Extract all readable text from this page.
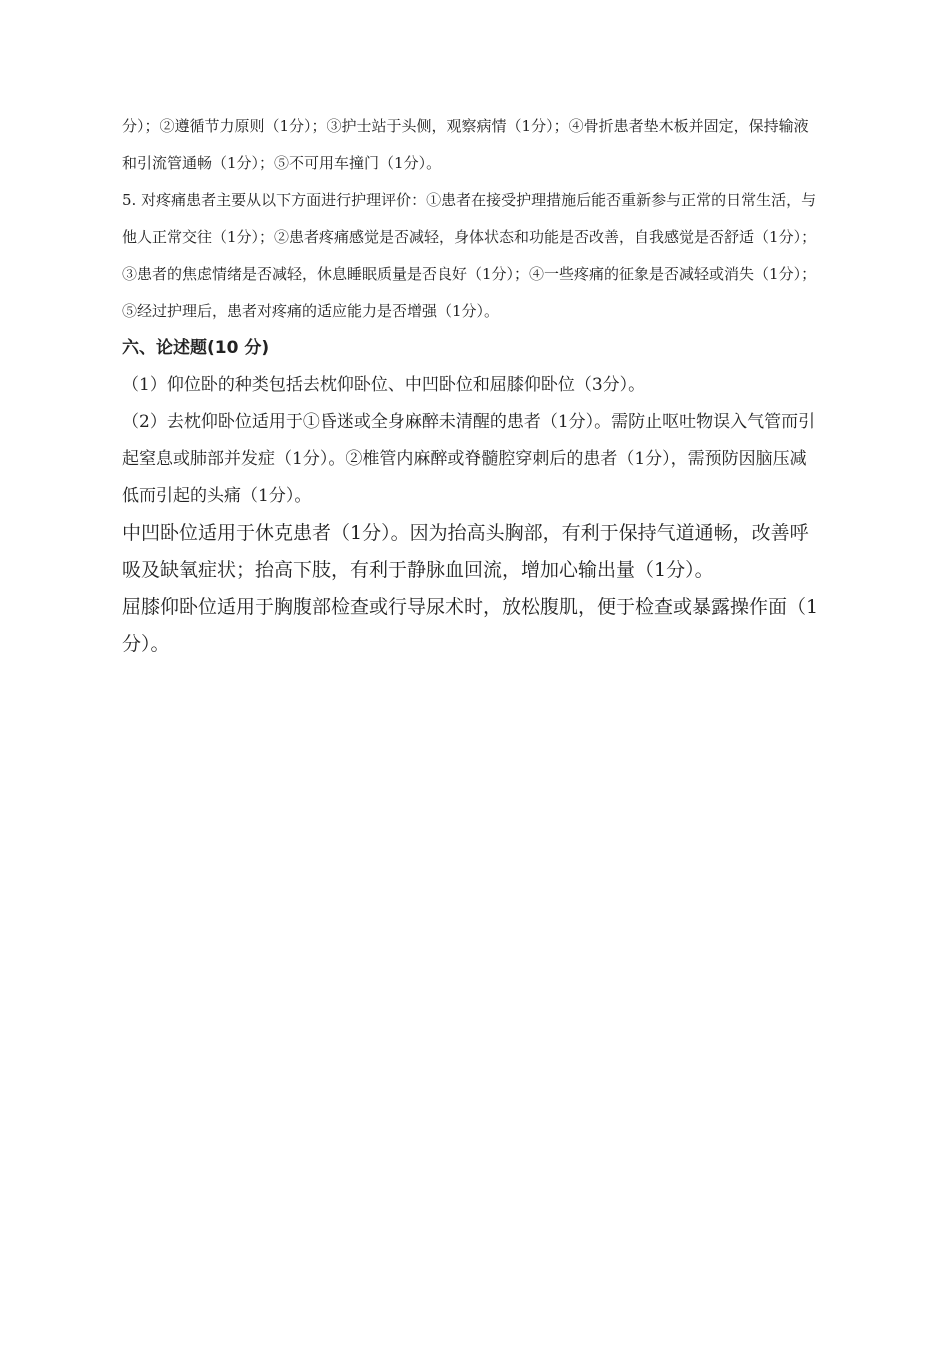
分）；②遵循节力原则（1分）；③护士站于头侧，观察病情（1分）；④骨折患者垫木板并固定，保持输液和引流管通畅（1分）；⑤不可用车撞门（1分）。

5. 对疼痛患者主要从以下方面进行护理评价：①患者在接受护理措施后能否重新参与正常的日常生活，与他人正常交往（1分）；②患者疼痛感觉是否减轻，身体状态和功能是否改善，自我感觉是否舒适（1分）；③患者的焦虑情绪是否减轻，休息睡眠质量是否良好（1分）；④一些疼痛的征象是否减轻或消失（1分）；⑤经过护理后，患者对疼痛的适应能力是否增强（1分）。

六、论述题(10 分)

（1）仰位卧的种类包括去枕仰卧位、中凹卧位和屈膝仰卧位（3分）。

（2）去枕仰卧位适用于①昏迷或全身麻醉未清醒的患者（1分）。需防止呕吐物误入气管而引起窒息或肺部并发症（1分）。②椎管内麻醉或脊髓腔穿刺后的患者（1分），需预防因脑压减低而引起的头痛（1分）。

中凹卧位适用于休克患者（1分）。因为抬高头胸部，有利于保持气道通畅，改善呼吸及缺氧症状；抬高下肢，有利于静脉血回流，增加心输出量（1分）。

屈膝仰卧位适用于胸腹部检查或行导尿术时，放松腹肌，便于检查或暴露操作面（1分）。
